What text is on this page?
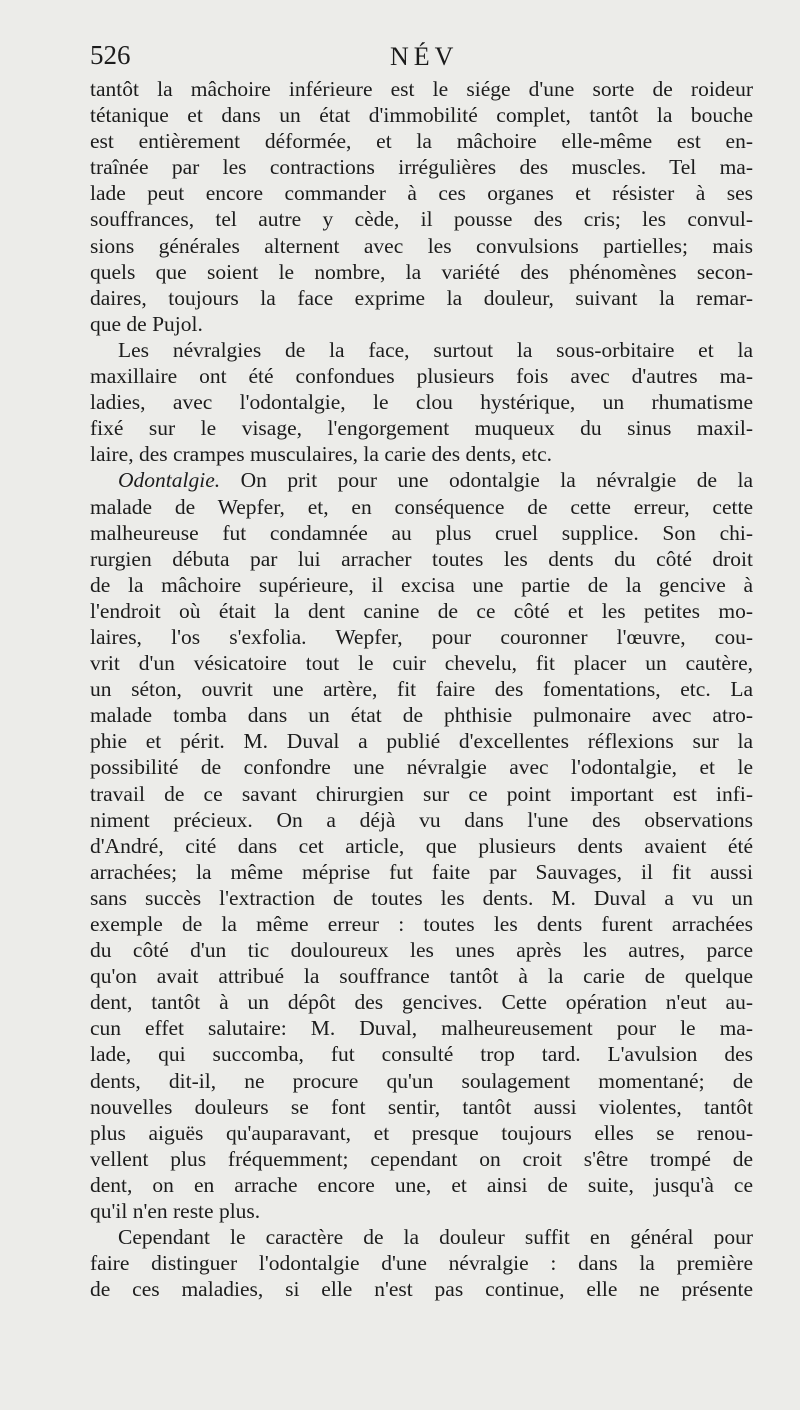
526	NÉV
tantôt la mâchoire inférieure est le siége d'une sorte de roideur
tétanique et dans un état d'immobilité complet, tantôt la bouche
est entièrement déformée, et la mâchoire elle-même est en-
traînée par les contractions irrégulières des muscles. Tel ma-
lade peut encore commander à ces organes et résister à ses
souffrances, tel autre y cède, il pousse des cris; les convul-
sions générales alternent avec les convulsions partielles; mais
quels que soient le nombre, la variété des phénomènes secon-
daires, toujours la face exprime la douleur, suivant la remar-
que de Pujol.
Les névralgies de la face, surtout la sous-orbitaire et la
maxillaire ont été confondues plusieurs fois avec d'autres ma-
ladies, avec l'odontalgie, le clou hystérique, un rhumatisme
fixé sur le visage, l'engorgement muqueux du sinus maxil-
laire, des crampes musculaires, la carie des dents, etc.
Odontalgie. On prit pour une odontalgie la névralgie de la
malade de Wepfer, et, en conséquence de cette erreur, cette
malheureuse fut condamnée au plus cruel supplice. Son chi-
rurgien débuta par lui arracher toutes les dents du côté droit
de la mâchoire supérieure, il excisa une partie de la gencive à
l'endroit où était la dent canine de ce côté et les petites mo-
laires, l'os s'exfolia. Wepfer, pour couronner l'œuvre, cou-
vrit d'un vésicatoire tout le cuir chevelu, fit placer un cautère,
un séton, ouvrit une artère, fit faire des fomentations, etc. La
malade tomba dans un état de phthisie pulmonaire avec atro-
phie et périt. M. Duval a publié d'excellentes réflexions sur la
possibilité de confondre une névralgie avec l'odontalgie, et le
travail de ce savant chirurgien sur ce point important est infi-
niment précieux. On a déjà vu dans l'une des observations
d'André, cité dans cet article, que plusieurs dents avaient été
arrachées; la même méprise fut faite par Sauvages, il fit aussi
sans succès l'extraction de toutes les dents. M. Duval a vu un
exemple de la même erreur : toutes les dents furent arrachées
du côté d'un tic douloureux les unes après les autres, parce
qu'on avait attribué la souffrance tantôt à la carie de quelque
dent, tantôt à un dépôt des gencives. Cette opération n'eut au-
cun effet salutaire: M. Duval, malheureusement pour le ma-
lade, qui succomba, fut consulté trop tard. L'avulsion des
dents, dit-il, ne procure qu'un soulagement momentané; de
nouvelles douleurs se font sentir, tantôt aussi violentes, tantôt
plus aiguës qu'auparavant, et presque toujours elles se renou-
vellent plus fréquemment; cependant on croit s'être trompé de
dent, on en arrache encore une, et ainsi de suite, jusqu'à ce
qu'il n'en reste plus.
Cependant le caractère de la douleur suffit en général pour
faire distinguer l'odontalgie d'une névralgie : dans la première
de ces maladies, si elle n'est pas continue, elle ne présente
